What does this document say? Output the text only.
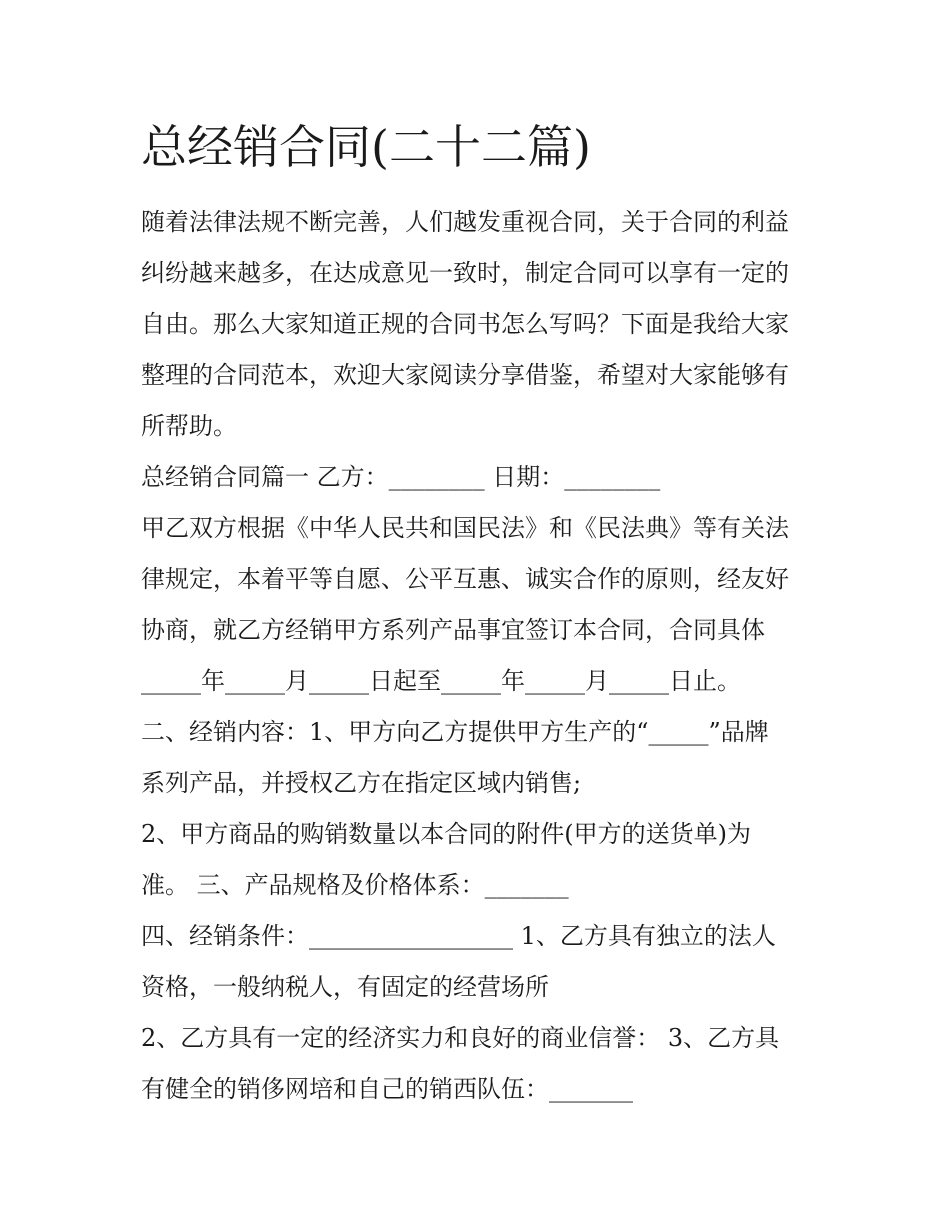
总经销合同(二十二篇)
随着法律法规不断完善，人们越发重视合同，关于合同的利益
纠纷越来越多，在达成意见一致时，制定合同可以享有一定的
自由。那么大家知道正规的合同书怎么写吗？下面是我给大家
整理的合同范本，欢迎大家阅读分享借鉴，希望对大家能够有
所帮助。
总经销合同篇一 乙方：________ 日期：________
甲乙双方根据《中华人民共和国民法》和《民法典》等有关法
律规定，本着平等自愿、公平互惠、诚实合作的原则，经友好
协商，就乙方经销甲方系列产品事宜签订本合同，合同具体
_____年_____月_____日起至_____年_____月_____日止。
二、经销内容：1、甲方向乙方提供甲方生产的“_____”品牌
系列产品，并授权乙方在指定区域内销售;
2、甲方商品的购销数量以本合同的附件(甲方的送货单)为
准。 三、产品规格及价格体系：_______
四、经销条件：_________________ 1、乙方具有独立的法人
资格，一般纳税人，有固定的经营场所
2、乙方具有一定的经济实力和良好的商业信誉： 3、乙方具
有健全的销侈网培和自己的销西队伍：_______
